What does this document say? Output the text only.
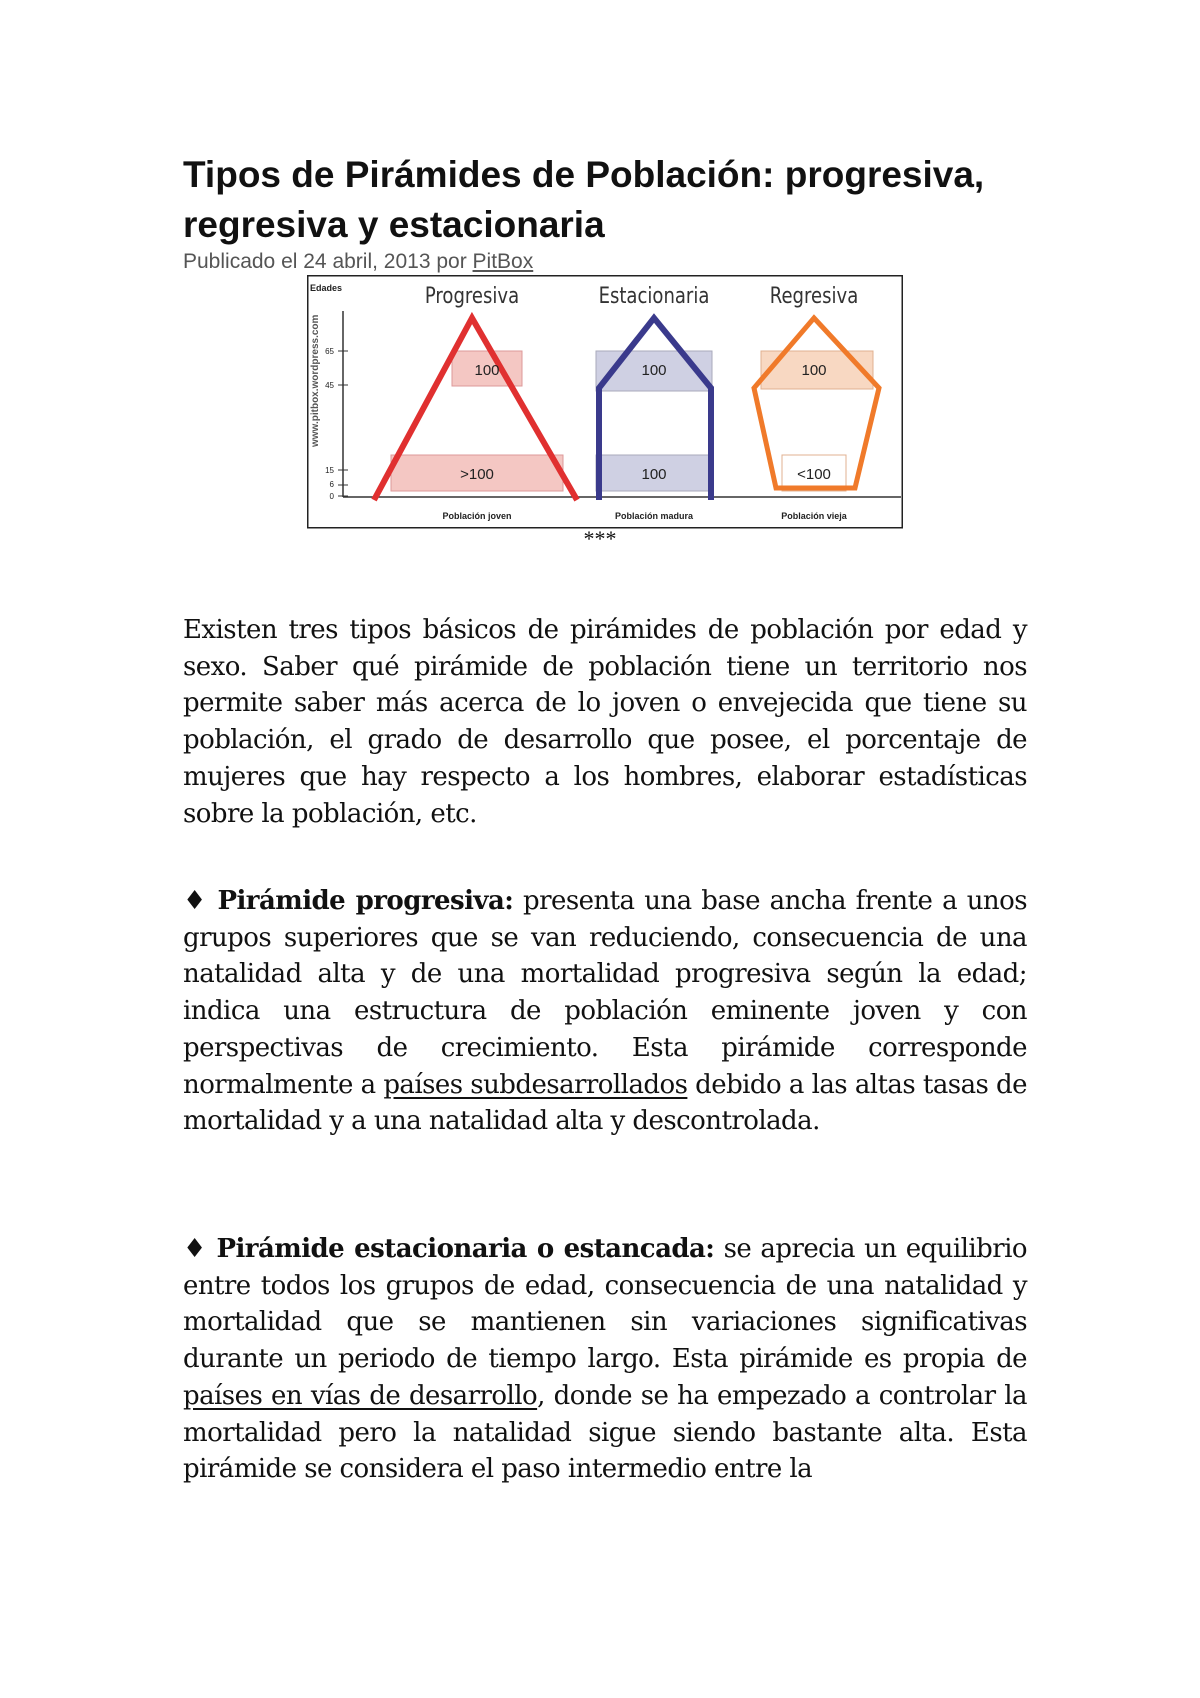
Tipos de Pirámides de Población: progresiva, regresiva y estacionaria
Publicado el 24 abril, 2013 por PitBox
Edades
www.pitbox.wordpress.com 65
45
15
6
0
Progresiva
100
>100
Población joven
Estacionaria
100
100
Población madura
Regresiva
100
<100
Población vieja
***

Existen tres tipos básicos de pirámides de población por edad y sexo. Saber qué pirámide de población tiene un territorio nos permite saber más acerca de lo joven o envejecida que tiene su población, el grado de desarrollo que posee, el porcentaje de mujeres que hay respecto a los hombres, elaborar estadísticas sobre la población, etc.

♦ Pirámide progresiva: presenta una base ancha frente a unos grupos superiores que se van reduciendo, consecuencia de una natalidad alta y de una mortalidad progresiva según la edad; indica una estructura de población eminente joven y con perspectivas de crecimiento. Esta pirámide corresponde normalmente a países subdesarrollados debido a las altas tasas de mortalidad y a una natalidad alta y descontrolada.

♦ Pirámide estacionaria o estancada: se aprecia un equilibrio entre todos los grupos de edad, consecuencia de una natalidad y mortalidad que se mantienen sin variaciones significativas durante un periodo de tiempo largo. Esta pirámide es propia de países en vías de desarrollo, donde se ha empezado a controlar la mortalidad pero la natalidad sigue siendo bastante alta. Esta pirámide se considera el paso intermedio entre la
